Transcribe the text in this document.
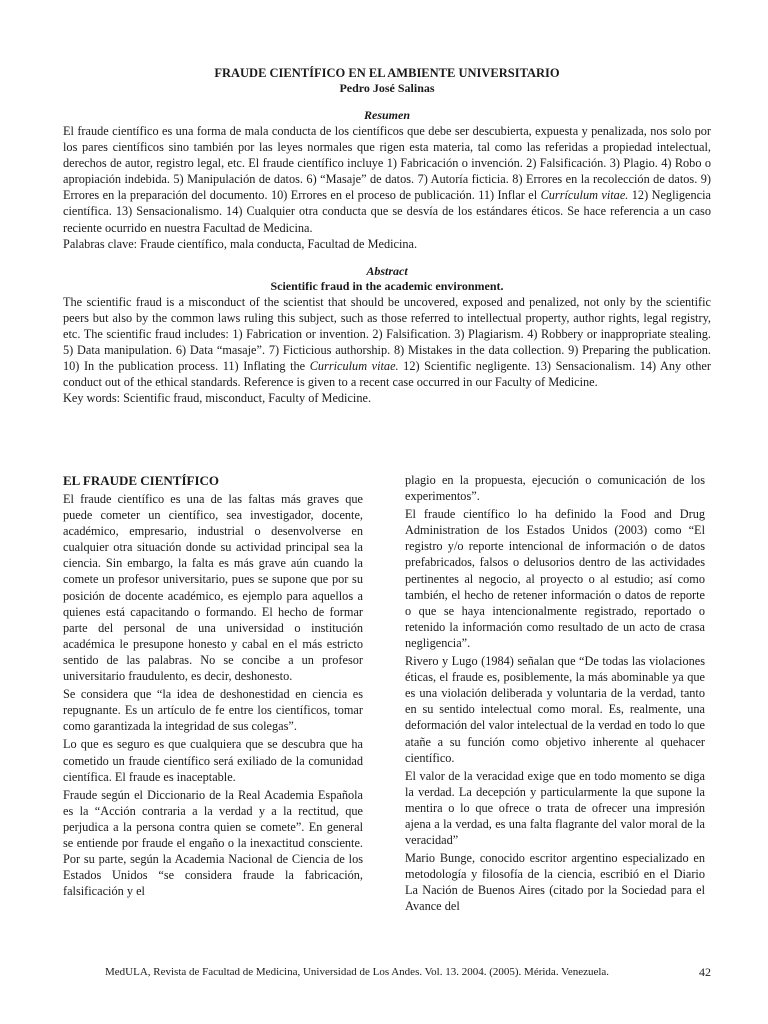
FRAUDE CIENTÍFICO EN EL AMBIENTE UNIVERSITARIO
Pedro José Salinas
Resumen

El fraude científico es una forma de mala conducta de los científicos que debe ser descubierta, expuesta y penalizada, nos solo por los pares científicos sino también por las leyes normales que rigen esta materia, tal como las referidas a propiedad intelectual, derechos de autor, registro legal, etc. El fraude científico incluye 1) Fabricación o invención. 2) Falsificación. 3) Plagio. 4) Robo o apropiación indebida. 5) Manipulación de datos. 6) “Masaje” de datos. 7) Autoría ficticia. 8) Errores en la recolección de datos. 9) Errores en la preparación del documento. 10) Errores en el proceso de publicación. 11) Inflar el Currículum vitae. 12) Negligencia científica. 13) Sensacionalismo. 14) Cualquier otra conducta que se desvía de los estándares éticos. Se hace referencia a un caso reciente ocurrido en nuestra Facultad de Medicina.

Palabras clave: Fraude científico, mala conducta, Facultad de Medicina.

Abstract
Scientific fraud in the academic environment.

The scientific fraud is a misconduct of the scientist that should be uncovered, exposed and penalized, not only by the scientific peers but also by the common laws ruling this subject, such as those referred to intellectual property, author rights, legal registry, etc. The scientific fraud includes: 1) Fabrication or invention. 2) Falsification. 3) Plagiarism. 4) Robbery or inappropriate stealing. 5) Data manipulation. 6) Data “masaje”. 7) Ficticious authorship. 8) Mistakes in the data collection. 9) Preparing the publication. 10) In the publication process. 11) Inflating the Curriculum vitae. 12) Scientific negligente. 13) Sensacionalism. 14) Any other conduct out of the ethical standards. Reference is given to a recent case occurred in our Faculty of Medicine.

Key words: Scientific fraud, misconduct, Faculty of Medicine.

EL FRAUDE CIENTÍFICO

El fraude científico es una de las faltas más graves que puede cometer un científico, sea investigador, docente, académico, empresario, industrial o desenvolverse en cualquier otra situación donde su actividad principal sea la ciencia. Sin embargo, la falta es más grave aún cuando la comete un profesor universitario, pues se supone que por su posición de docente académico, es ejemplo para aquellos a quienes está capacitando o formando. El hecho de formar parte del personal de una universidad o institución académica le presupone honesto y cabal en el más estricto sentido de las palabras. No se concibe a un profesor universitario fraudulento, es decir, deshonesto.

Se considera que “la idea de deshonestidad en ciencia es repugnante. Es un artículo de fe entre los científicos, tomar como garantizada la integridad de sus colegas”.

Lo que es seguro es que cualquiera que se descubra que ha cometido un fraude científico será exiliado de la comunidad científica. El fraude es inaceptable.

Fraude según el Diccionario de la Real Academia Española es la “Acción contraria a la verdad y a la rectitud, que perjudica a la persona contra quien se comete”. En general se entiende por fraude el engaño o la inexactitud consciente. Por su parte, según la Academia Nacional de Ciencia de los Estados Unidos “se considera fraude la fabricación, falsificación y el

plagio en la propuesta, ejecución o comunicación de los experimentos”.

El fraude científico lo ha definido la Food and Drug Administration de los Estados Unidos (2003) como “El registro y/o reporte intencional de información o de datos prefabricados, falsos o delusorios dentro de las actividades pertinentes al negocio, al proyecto o al estudio; así como también, el hecho de retener información o datos de reporte o que se haya intencionalmente registrado, reportado o retenido la información como resultado de un acto de crasa negligencia”.

Rivero y Lugo (1984) señalan que “De todas las violaciones éticas, el fraude es, posiblemente, la más abominable ya que es una violación deliberada y voluntaria de la verdad, tanto en su sentido intelectual como moral. Es, realmente, una deformación del valor intelectual de la verdad en todo lo que atañe a su función como objetivo inherente al quehacer científico.

El valor de la veracidad exige que en todo momento se diga la verdad. La decepción y particularmente la que supone la mentira o lo que ofrece o trata de ofrecer una impresión ajena a la verdad, es una falta flagrante del valor moral de la veracidad”

Mario Bunge, conocido escritor argentino especializado en metodología y filosofía de la ciencia, escribió en el Diario La Nación de Buenos Aires (citado por la Sociedad para el Avance del

MedULA, Revista de Facultad de Medicina, Universidad de Los Andes. Vol. 13. 2004. (2005). Mérida. Venezuela.	42
